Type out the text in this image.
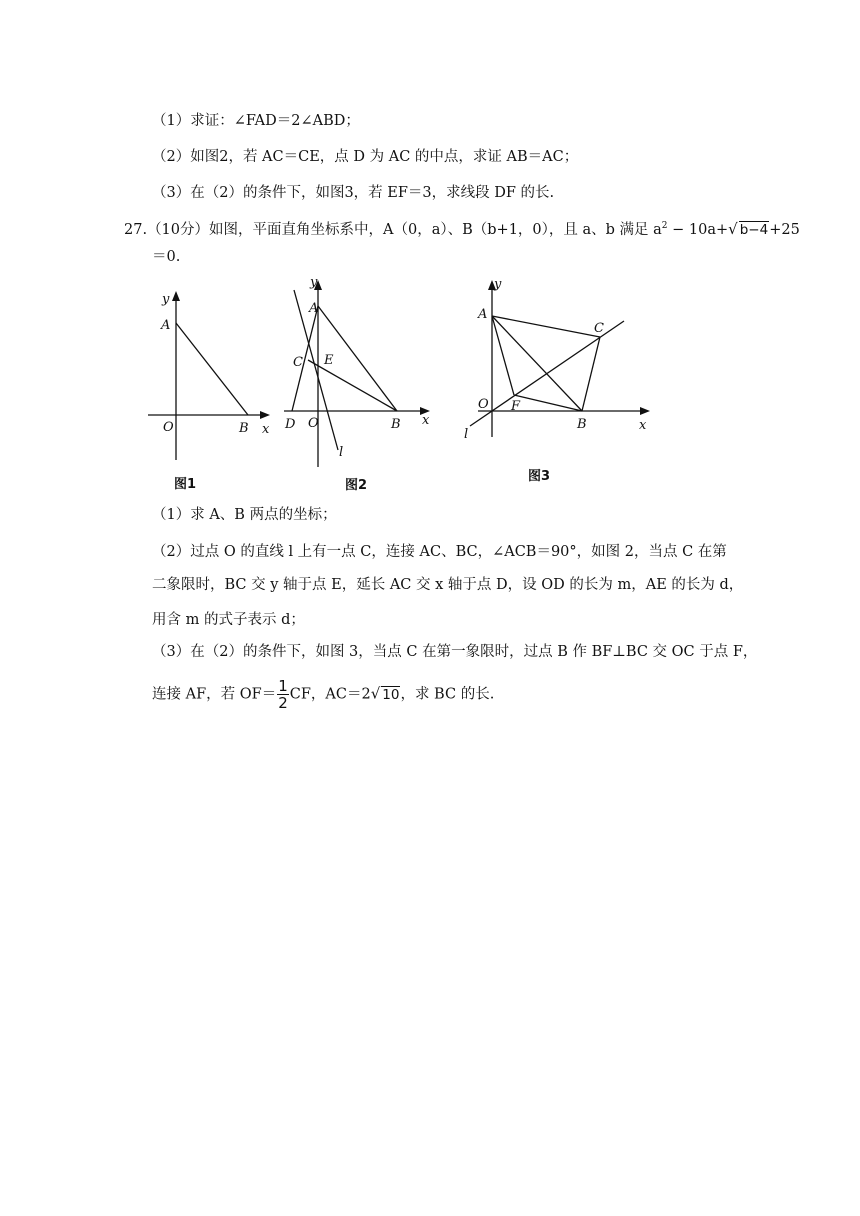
（1）求证：∠FAD＝2∠ABD；
（2）如图2，若 AC＝CE，点 D 为 AC 的中点，求证 AB＝AC；
（3）在（2）的条件下，如图3，若 EF＝3，求线段 DF 的长.
27.（10分）如图，平面直角坐标系中，A（0，a）、B（b+1，0），且 a、b 满足 $a^2 - 10a+√$ b−4+25
＝0.
y
A
O	B x
图1
y
A
C E
D O	B x
l
图2
y
A
C
O F
B	x
l
图3
（1）求 A、B 两点的坐标；
（2）过点 O 的直线 l 上有一点 C，连接 AC、BC，∠ACB＝90°，如图 2，当点 C 在第
二象限时，BC 交 y 轴于点 E，延长 AC 交 x 轴于点 D，设 OD 的长为 m，AE 的长为 d，
用含 m 的式子表示 d；
（3）在（2）的条件下，如图 3，当点 C 在第一象限时，过点 B 作 BF⊥BC 交 OC 于点 F，
连接 AF，若 $OF= \frac{1}{2}$ CF，AC＝2√ 10，求 BC 的长.
